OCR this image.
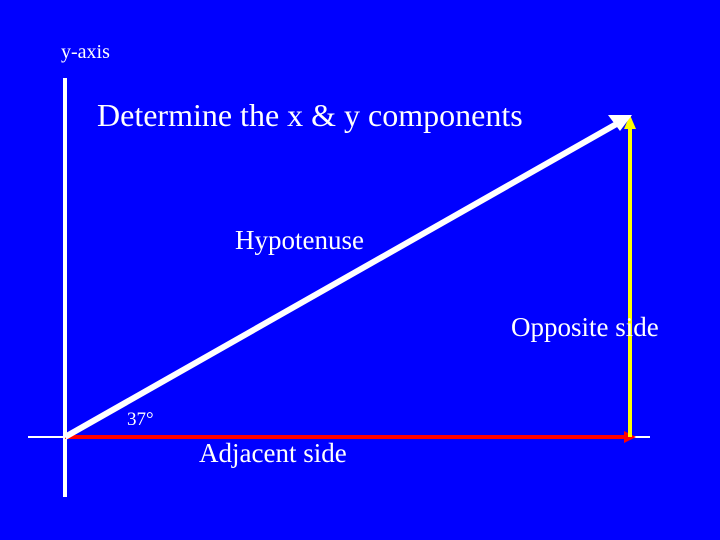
y-axis
Determine the x & y components
Hypotenuse
Opposite side
37°
Adjacent side
